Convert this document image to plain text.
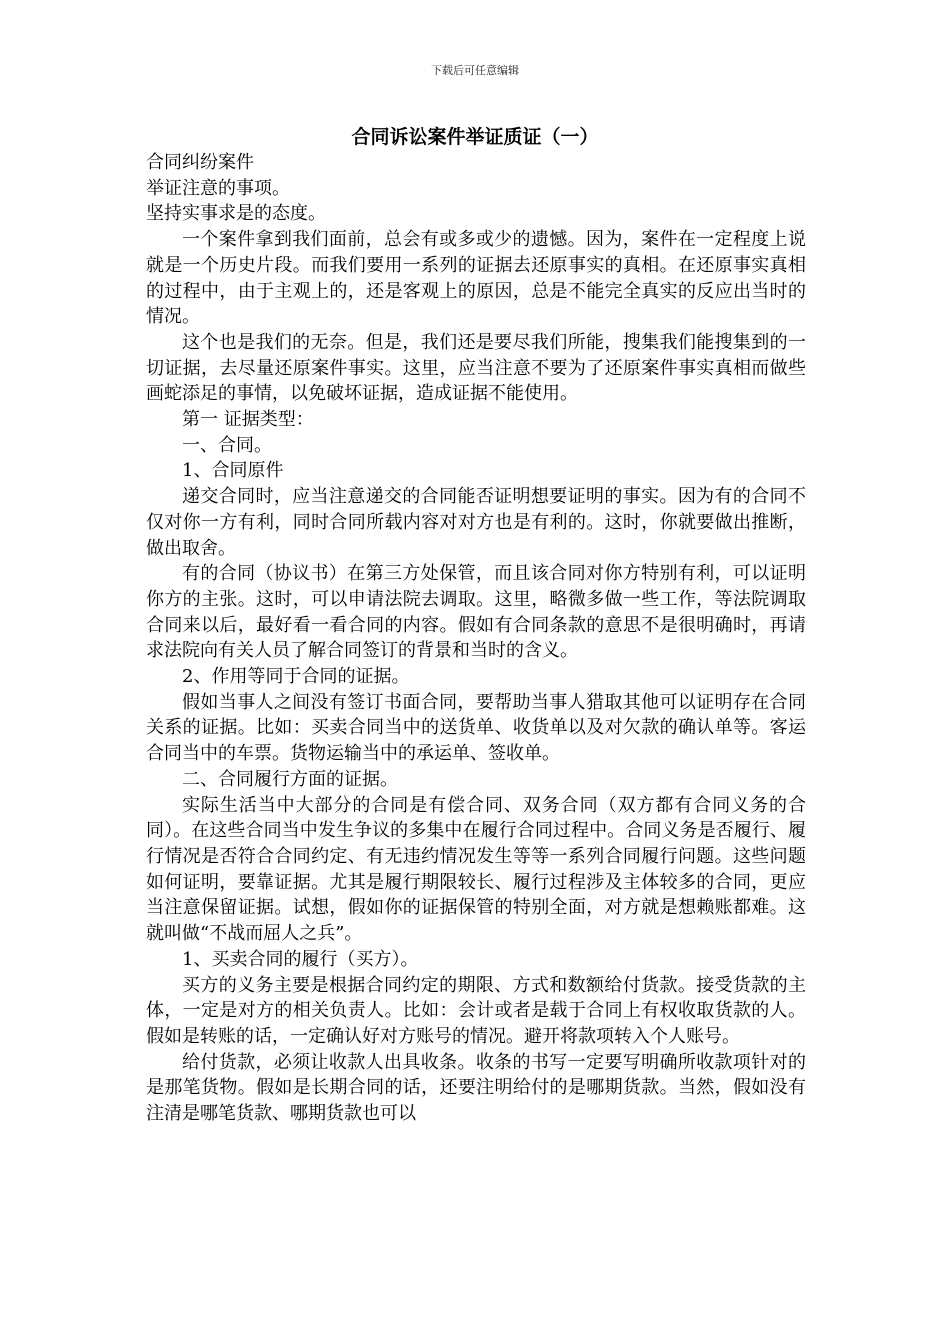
下载后可任意编辑
合同诉讼案件举证质证（一）

合同纠纷案件

举证注意的事项。

坚持实事求是的态度。

一个案件拿到我们面前，总会有或多或少的遗憾。因为，案件在一定程度上说就是一个历史片段。而我们要用一系列的证据去还原事实的真相。在还原事实真相的过程中，由于主观上的，还是客观上的原因，总是不能完全真实的反应出当时的情况。

这个也是我们的无奈。但是，我们还是要尽我们所能，搜集我们能搜集到的一切证据，去尽量还原案件事实。这里，应当注意不要为了还原案件事实真相而做些画蛇添足的事情，以免破坏证据，造成证据不能使用。

第一 证据类型：

一、合同。

1、合同原件

递交合同时，应当注意递交的合同能否证明想要证明的事实。因为有的合同不仅对你一方有利，同时合同所载内容对对方也是有利的。这时，你就要做出推断，做出取舍。

有的合同（协议书）在第三方处保管，而且该合同对你方特别有利，可以证明你方的主张。这时，可以申请法院去调取。这里，略微多做一些工作，等法院调取合同来以后，最好看一看合同的内容。假如有合同条款的意思不是很明确时，再请求法院向有关人员了解合同签订的背景和当时的含义。

2、作用等同于合同的证据。

假如当事人之间没有签订书面合同，要帮助当事人猎取其他可以证明存在合同关系的证据。比如：买卖合同当中的送货单、收货单以及对欠款的确认单等。客运合同当中的车票。货物运输当中的承运单、签收单。

二、合同履行方面的证据。

实际生活当中大部分的合同是有偿合同、双务合同（双方都有合同义务的合同）。在这些合同当中发生争议的多集中在履行合同过程中。合同义务是否履行、履行情况是否符合合同约定、有无违约情况发生等等一系列合同履行问题。这些问题如何证明，要靠证据。尤其是履行期限较长、履行过程涉及主体较多的合同，更应当注意保留证据。试想，假如你的证据保管的特别全面，对方就是想赖账都难。这就叫做“不战而屈人之兵”。

1、买卖合同的履行（买方）。

买方的义务主要是根据合同约定的期限、方式和数额给付货款。接受货款的主体，一定是对方的相关负责人。比如：会计或者是载于合同上有权收取货款的人。假如是转账的话，一定确认好对方账号的情况。避开将款项转入个人账号。

给付货款，必须让收款人出具收条。收条的书写一定要写明确所收款项针对的是那笔货物。假如是长期合同的话，还要注明给付的是哪期货款。当然，假如没有注清是哪笔货款、哪期货款也可以
